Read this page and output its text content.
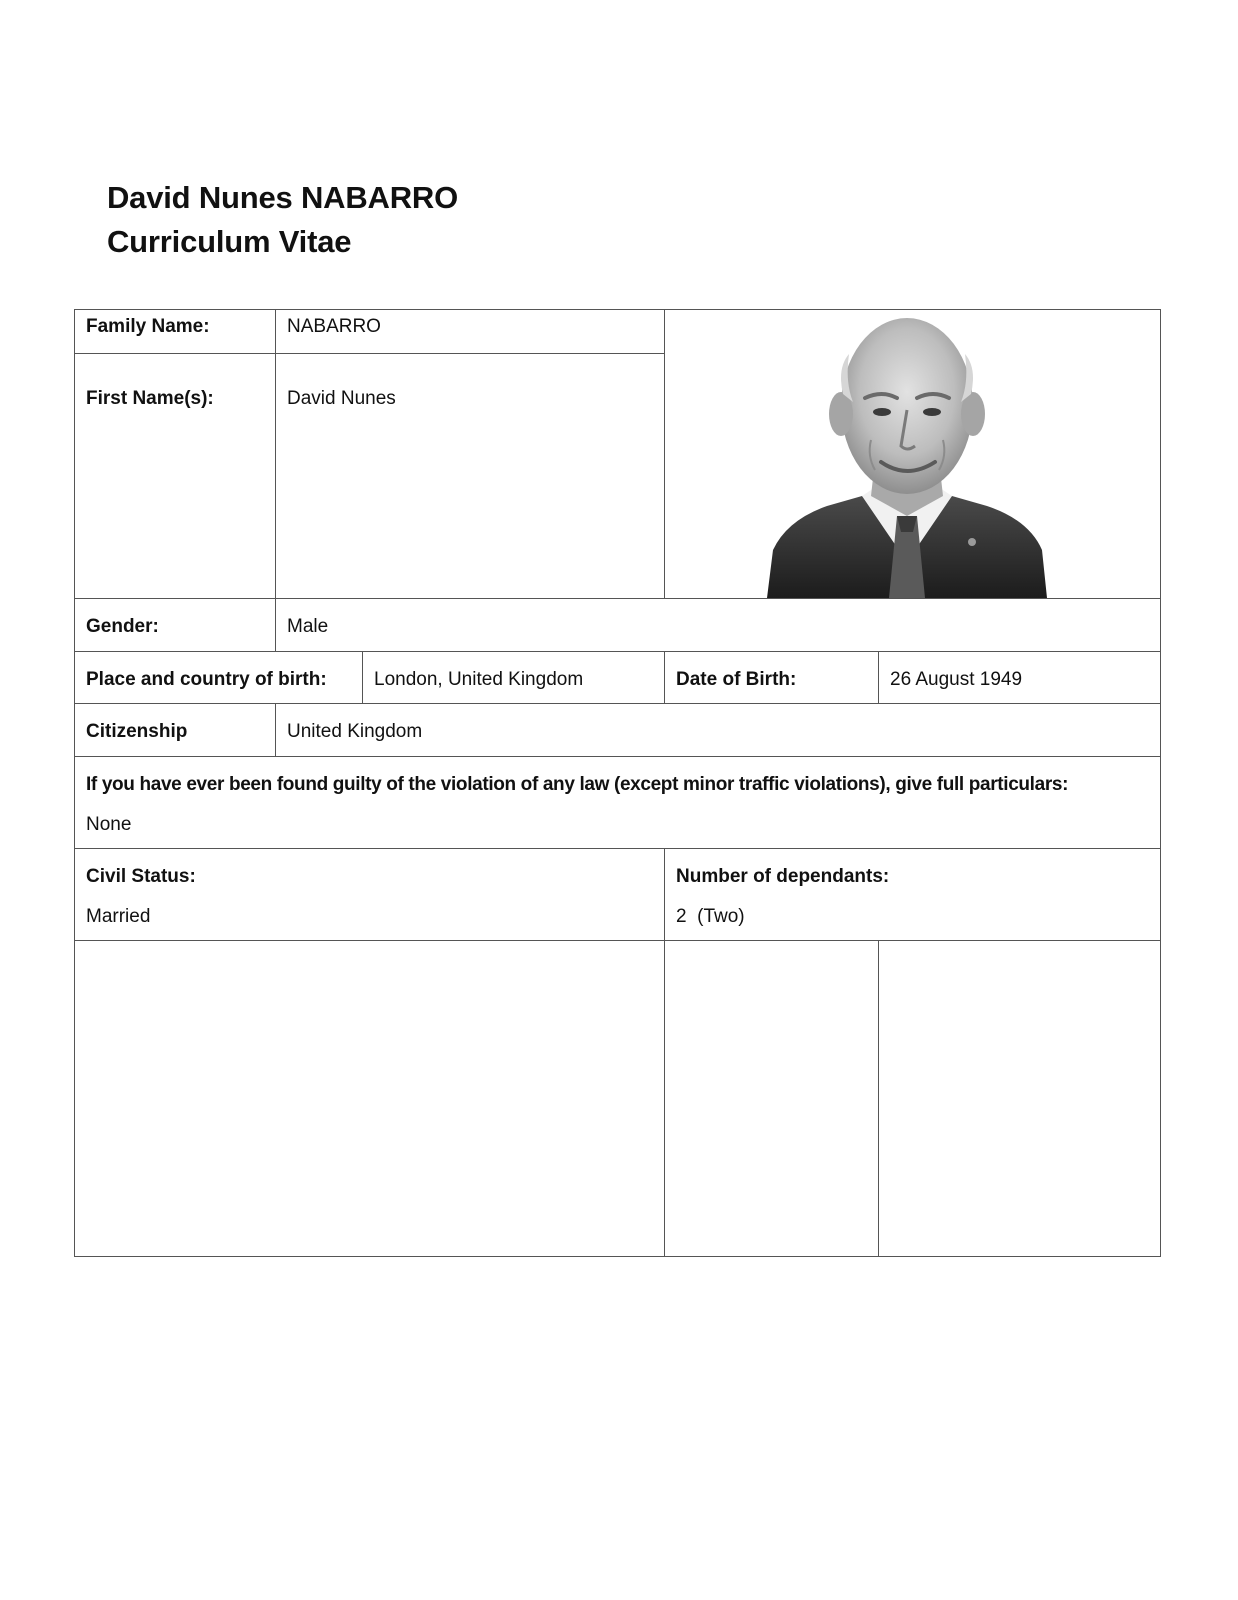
David Nunes NABARRO
Curriculum Vitae
Family Name:	NABARRO
First Name(s):	David Nunes
Gender:	Male
Place and country of birth:	London, United Kingdom	Date of Birth:	26 August 1949
Citizenship	United Kingdom
If you have ever been found guilty of the violation of any law (except minor traffic violations), give full particulars:
None
Civil Status:
Married
Number of dependants:
2  (Two)
